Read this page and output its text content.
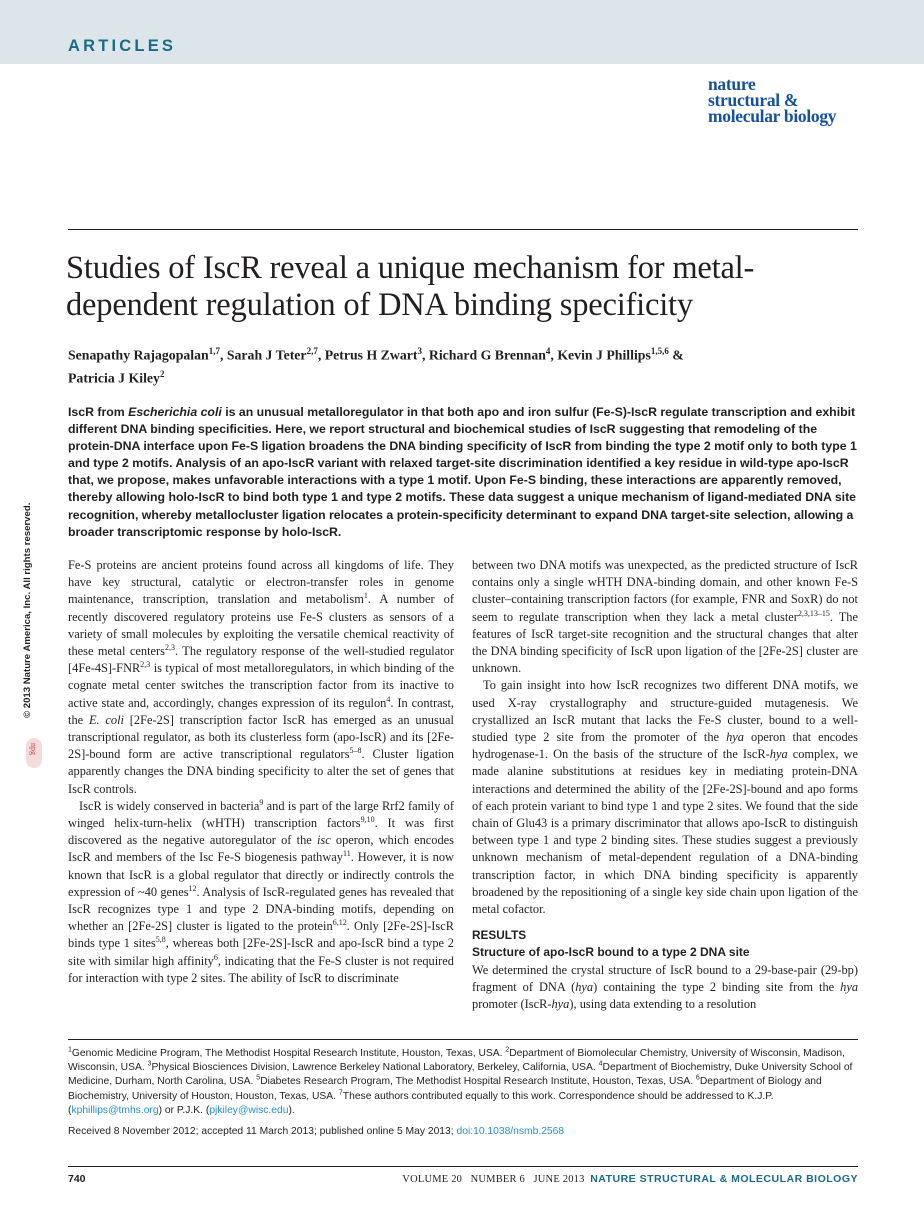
ARTICLES
nature
structural &
molecular biology
Studies of IscR reveal a unique mechanism for metal-
dependent regulation of DNA binding specificity
Senapathy Rajagopalan$^{1,7}$, Sarah J Teter$^{2,7}$, Petrus H Zwart$^3$, Richard G Brennan$^4$, Kevin J Phillips$^{1,5,6}$ &
Patricia J Kiley$^2$

IscR from Escherichia coli is an unusual metalloregulator in that both apo and iron sulfur (Fe-S)-IscR regulate transcription and exhibit different DNA binding specificities. Here, we report structural and biochemical studies of IscR suggesting that remodeling of the protein-DNA interface upon Fe-S ligation broadens the DNA binding specificity of IscR from binding the type 2 motif only to both type 1 and type 2 motifs. Analysis of an apo-IscR variant with relaxed target-site discrimination identified a key residue in wild-type apo-IscR that, we propose, makes unfavorable interactions with a type 1 motif. Upon Fe-S binding, these interactions are apparently removed, thereby allowing holo-IscR to bind both type 1 and type 2 motifs. These data suggest a unique mechanism of ligand-mediated DNA site recognition, whereby metallocluster ligation relocates a protein-specificity determinant to expand DNA target-site selection, allowing a broader transcriptomic response by holo-IscR.

© 2013 Nature America, Inc. All rights reserved.
npg

Fe-S proteins are ancient proteins found across all kingdoms of life. They have key structural, catalytic or electron-transfer roles in genome maintenance, transcription, translation and metabolism$^1$. A number of recently discovered regulatory proteins use Fe-S clusters as sensors of a variety of small molecules by exploiting the versatile chemical reactivity of these metal centers$^{2,3}$. The regulatory response of the well-studied regulator [4Fe-4S]-FNR$^{2,3}$ is typical of most metalloregulators, in which binding of the cognate metal center switches the transcription factor from its inactive to active state and, accordingly, changes expression of its regulon$^4$. In contrast, the E. coli [2Fe-2S] transcription factor IscR has emerged as an unusual transcriptional regulator, as both its clusterless form (apo-IscR) and its [2Fe-2S]-bound form are active transcriptional regulators$^{5-8}$. Cluster ligation apparently changes the DNA binding specificity to alter the set of genes that IscR controls.

IscR is widely conserved in bacteria$^9$ and is part of the large Rrf2 family of winged helix-turn-helix (wHTH) transcription factors$^{9,10}$. It was first discovered as the negative autoregulator of the isc operon, which encodes IscR and members of the Isc Fe-S biogenesis pathway$^{11}$. However, it is now known that IscR is a global regulator that directly or indirectly controls the expression of ~40 genes$^{12}$. Analysis of IscR-regulated genes has revealed that IscR recognizes type 1 and type 2 DNA-binding motifs, depending on whether an [2Fe-2S] cluster is ligated to the protein$^{6,12}$. Only [2Fe-2S]-IscR binds type 1 sites$^{5,8}$, whereas both [2Fe-2S]-IscR and apo-IscR bind a type 2 site with similar high affinity$^6$, indicating that the Fe-S cluster is not required for interaction with type 2 sites. The ability of IscR to discriminate

between two DNA motifs was unexpected, as the predicted structure of IscR contains only a single wHTH DNA-binding domain, and other known Fe-S cluster–containing transcription factors (for example, FNR and SoxR) do not seem to regulate transcription when they lack a metal cluster$^{2,3,13-15}$. The features of IscR target-site recognition and the structural changes that alter the DNA binding specificity of IscR upon ligation of the [2Fe-2S] cluster are unknown.

To gain insight into how IscR recognizes two different DNA motifs, we used X-ray crystallography and structure-guided mutagenesis. We crystallized an IscR mutant that lacks the Fe-S cluster, bound to a well-studied type 2 site from the promoter of the hya operon that encodes hydrogenase-1. On the basis of the structure of the IscR-hya complex, we made alanine substitutions at residues key in mediating protein-DNA interactions and determined the ability of the [2Fe-2S]-bound and apo forms of each protein variant to bind type 1 and type 2 sites. We found that the side chain of Glu43 is a primary discriminator that allows apo-IscR to distinguish between type 1 and type 2 binding sites. These studies suggest a previously unknown mechanism of metal-dependent regulation of a DNA-binding transcription factor, in which DNA binding specificity is apparently broadened by the repositioning of a single key side chain upon ligation of the metal cofactor.

RESULTS
Structure of apo-IscR bound to a type 2 DNA site

We determined the crystal structure of IscR bound to a 29-base-pair (29-bp) fragment of DNA (hya) containing the type 2 binding site from the hya promoter (IscR-hya), using data extending to a resolution

$^1$Genomic Medicine Program, The Methodist Hospital Research Institute, Houston, Texas, USA. $^2$Department of Biomolecular Chemistry, University of Wisconsin, Madison, Wisconsin, USA. $^3$Physical Biosciences Division, Lawrence Berkeley National Laboratory, Berkeley, California, USA. $^4$Department of Biochemistry, Duke University School of Medicine, Durham, North Carolina, USA. $^5$Diabetes Research Program, The Methodist Hospital Research Institute, Houston, Texas, USA. $^6$Department of Biology and Biochemistry, University of Houston, Houston, Texas, USA. $^7$These authors contributed equally to this work. Correspondence should be addressed to K.J.P. (kphillips@tmhs.org) or P.J.K. (pjkiley@wisc.edu).
Received 8 November 2012; accepted 11 March 2013; published online 5 May 2013; doi:10.1038/nsmb.2568
740	VOLUME 20   NUMBER 6   JUNE 2013 NATURE STRUCTURAL & MOLECULAR BIOLOGY
